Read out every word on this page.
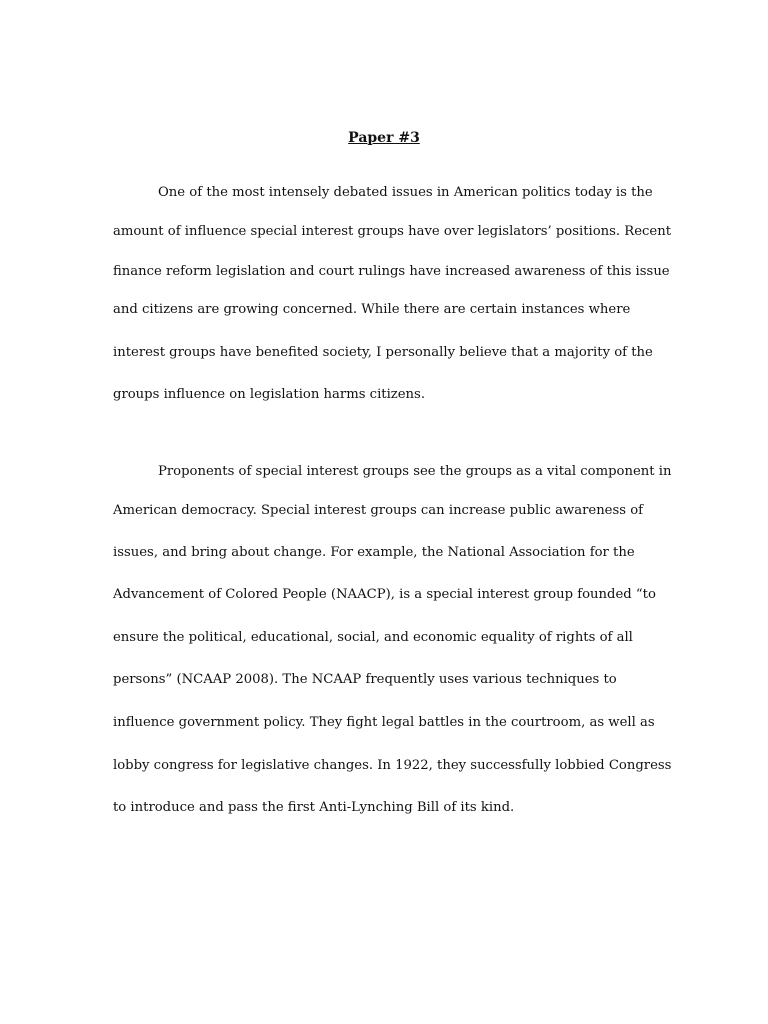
Paper #3
One of the most intensely debated issues in American politics today is the
amount of influence special interest groups have over legislators’ positions. Recent
finance reform legislation and court rulings have increased awareness of this issue
and citizens are growing concerned. While there are certain instances where
interest groups have benefited society, I personally believe that a majority of the
groups influence on legislation harms citizens.
Proponents of special interest groups see the groups as a vital component in
American democracy. Special interest groups can increase public awareness of
issues, and bring about change. For example, the National Association for the
Advancement of Colored People (NAACP), is a special interest group founded “to
ensure the political, educational, social, and economic equality of rights of all
persons” (NCAAP 2008). The NCAAP frequently uses various techniques to
influence government policy. They fight legal battles in the courtroom, as well as
lobby congress for legislative changes. In 1922, they successfully lobbied Congress
to introduce and pass the first Anti-Lynching Bill of its kind.
